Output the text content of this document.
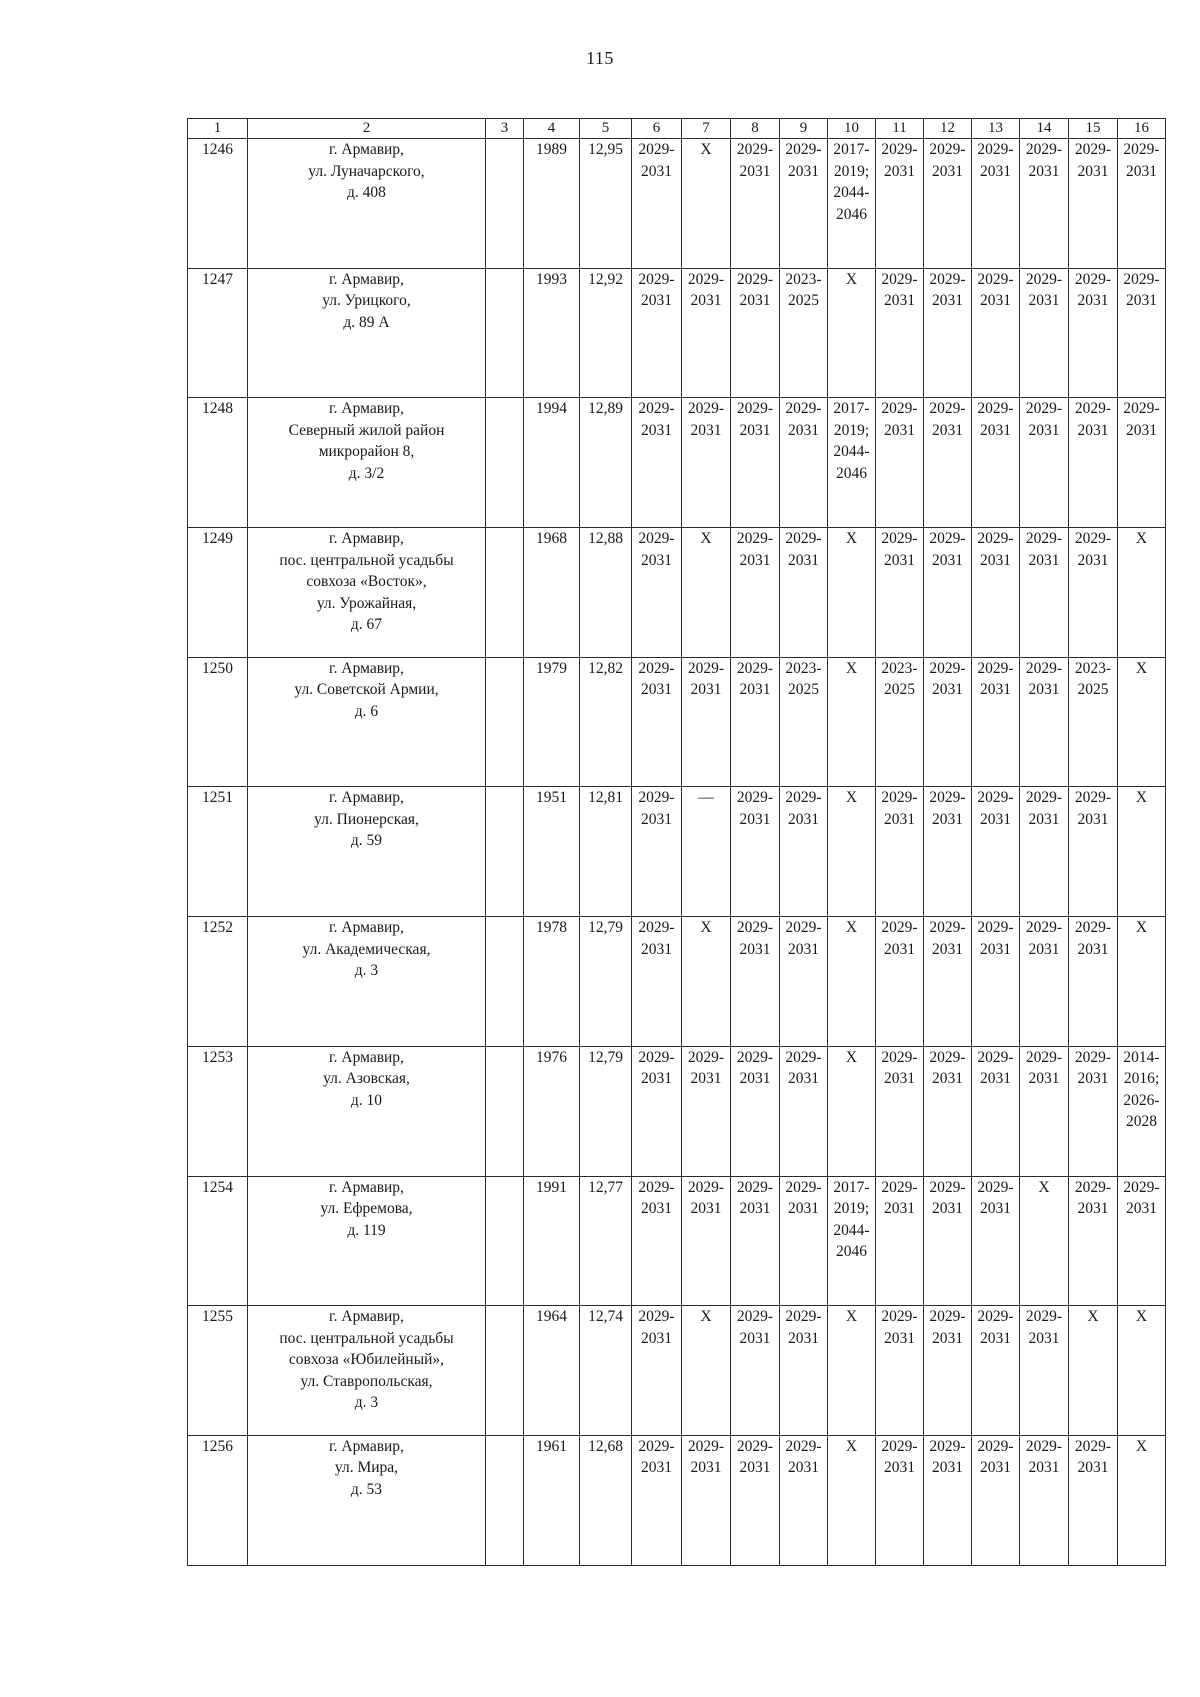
115
1	2	3	4	5	6	7	8	9	10	11	12	13	14	15	16
1246	г. Армавир,
ул. Луначарского,
д. 408		1989	12,95	2029-
2031	Х	2029-
2031	2029-
2031	2017-
2019;
2044-
2046	2029-
2031	2029-
2031	2029-
2031	2029-
2031	2029-
2031	2029-
2031

1247	г. Армавир,
ул. Урицкого,
д. 89 А		1993	12,92	2029-
2031	2029-
2031	2029-
2031	2023-
2025	Х	2029-
2031	2029-
2031	2029-
2031	2029-
2031	2029-
2031	2029-
2031

1248	г. Армавир,
Северный жилой район
микрорайон 8,
д. 3/2		1994	12,89	2029-
2031	2029-
2031	2029-
2031	2029-
2031	2017-
2019;
2044-
2046	2029-
2031	2029-
2031	2029-
2031	2029-
2031	2029-
2031	2029-
2031

1249	г. Армавир,
пос. центральной усадьбы
совхоза «Восток»,
ул. Урожайная,
д. 67		1968	12,88	2029-
2031	Х	2029-
2031	2029-
2031	Х	2029-
2031	2029-
2031	2029-
2031	2029-
2031	2029-
2031	Х

1250	г. Армавир,
ул. Советской Армии,
д. 6		1979	12,82	2029-
2031	2029-
2031	2029-
2031	2023-
2025	Х	2023-
2025	2029-
2031	2029-
2031	2029-
2031	2023-
2025	Х

1251	г. Армавир,
ул. Пионерская,
д. 59		1951	12,81	2029-
2031	—	2029-
2031	2029-
2031	Х	2029-
2031	2029-
2031	2029-
2031	2029-
2031	2029-
2031	Х

1252	г. Армавир,
ул. Академическая,
д. 3		1978	12,79	2029-
2031	Х	2029-
2031	2029-
2031	Х	2029-
2031	2029-
2031	2029-
2031	2029-
2031	2029-
2031	Х

1253	г. Армавир,
ул. Азовская,
д. 10		1976	12,79	2029-
2031	2029-
2031	2029-
2031	2029-
2031	Х	2029-
2031	2029-
2031	2029-
2031	2029-
2031	2029-
2031	2014-
2016;
2026-
2028

1254	г. Армавир,
ул. Ефремова,
д. 119		1991	12,77	2029-
2031	2029-
2031	2029-
2031	2029-
2031	2017-
2019;
2044-
2046	2029-
2031	2029-
2031	2029-
2031	Х	2029-
2031	2029-
2031

1255	г. Армавир,
пос. центральной усадьбы
совхоза «Юбилейный»,
ул. Ставропольская,
д. 3		1964	12,74	2029-
2031	Х	2029-
2031	2029-
2031	Х	2029-
2031	2029-
2031	2029-
2031	2029-
2031	Х	Х

1256	г. Армавир,
ул. Мира,
д. 53		1961	12,68	2029-
2031	2029-
2031	2029-
2031	2029-
2031	Х	2029-
2031	2029-
2031	2029-
2031	2029-
2031	2029-
2031	Х
